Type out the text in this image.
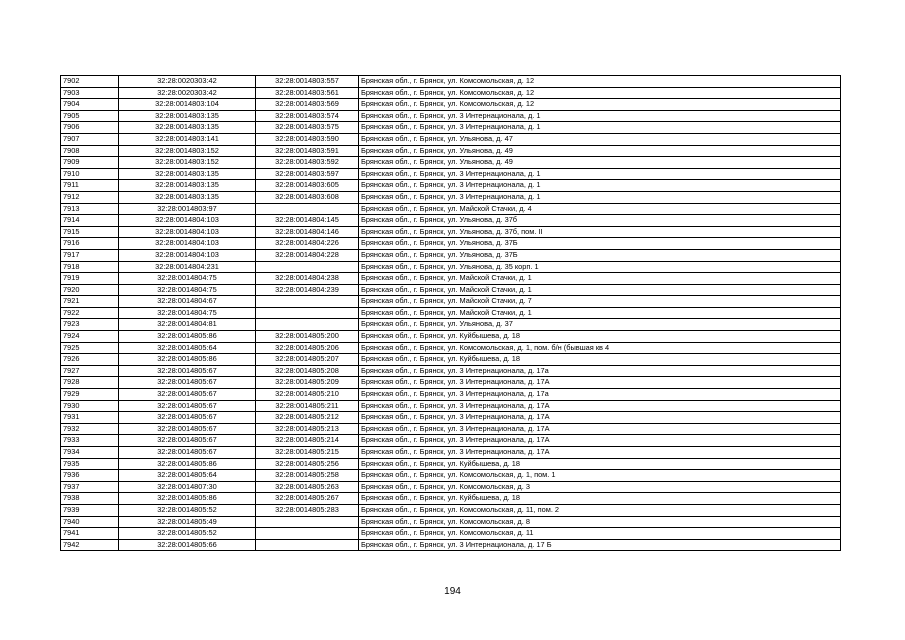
7902	32:28:0020303:42	32:28:0014803:557	Брянская обл., г. Брянск, ул. Комсомольская, д. 12
7903	32:28:0020303:42	32:28:0014803:561	Брянская обл., г. Брянск, ул. Комсомольская, д. 12
7904	32:28:0014803:104	32:28:0014803:569	Брянская обл., г. Брянск, ул. Комсомольская, д. 12
7905	32:28:0014803:135	32:28:0014803:574	Брянская обл., г. Брянск, ул. 3 Интернационала, д. 1
7906	32:28:0014803:135	32:28:0014803:575	Брянская обл., г. Брянск, ул. 3 Интернационала, д. 1
7907	32:28:0014803:141	32:28:0014803:590	Брянская обл., г. Брянск, ул. Ульянова, д. 47
7908	32:28:0014803:152	32:28:0014803:591	Брянская обл., г. Брянск, ул. Ульянова, д. 49
7909	32:28:0014803:152	32:28:0014803:592	Брянская обл., г. Брянск, ул. Ульянова, д. 49
7910	32:28:0014803:135	32:28:0014803:597	Брянская обл., г. Брянск, ул. 3 Интернационала, д. 1
7911	32:28:0014803:135	32:28:0014803:605	Брянская обл., г. Брянск, ул. 3 Интернационала, д. 1
7912	32:28:0014803:135	32:28:0014803:608	Брянская обл., г. Брянск, ул. 3 Интернационала, д. 1
7913	32:28:0014803:97		Брянская обл., г. Брянск, ул. Майской Стачки, д. 4
7914	32:28:0014804:103	32:28:0014804:145	Брянская обл., г. Брянск, ул. Ульянова, д. 37б
7915	32:28:0014804:103	32:28:0014804:146	Брянская обл., г. Брянск, ул. Ульянова, д. 37б, пом. II
7916	32:28:0014804:103	32:28:0014804:226	Брянская обл., г. Брянск, ул. Ульянова, д. 37Б
7917	32:28:0014804:103	32:28:0014804:228	Брянская обл., г. Брянск, ул. Ульянова, д. 37Б
7918	32:28:0014804:231		Брянская обл., г. Брянск, ул. Ульянова, д. 35 корп. 1
7919	32:28:0014804:75	32:28:0014804:238	Брянская обл., г. Брянск, ул. Майской Стачки, д. 1
7920	32:28:0014804:75	32:28:0014804:239	Брянская обл., г. Брянск, ул. Майской Стачки, д. 1
7921	32:28:0014804:67		Брянская обл., г. Брянск, ул. Майской Стачки, д. 7
7922	32:28:0014804:75		Брянская обл., г. Брянск, ул. Майской Стачки, д. 1
7923	32:28:0014804:81		Брянская обл., г. Брянск, ул. Ульянова, д. 37
7924	32:28:0014805:86	32:28:0014805:200	Брянская обл., г. Брянск, ул. Куйбышева, д. 18
7925	32:28:0014805:64	32:28:0014805:206	Брянская обл., г. Брянск, ул. Комсомольская, д. 1, пом. б/н (бывшая кв 4
7926	32:28:0014805:86	32:28:0014805:207	Брянская обл., г. Брянск, ул. Куйбышева, д. 18
7927	32:28:0014805:67	32:28:0014805:208	Брянская обл., г. Брянск, ул. 3 Интернационала, д. 17а
7928	32:28:0014805:67	32:28:0014805:209	Брянская обл., г. Брянск, ул. 3 Интернационала, д. 17А
7929	32:28:0014805:67	32:28:0014805:210	Брянская обл., г. Брянск, ул. 3 Интернационала, д. 17а
7930	32:28:0014805:67	32:28:0014805:211	Брянская обл., г. Брянск, ул. 3 Интернационала, д. 17А
7931	32:28:0014805:67	32:28:0014805:212	Брянская обл., г. Брянск, ул. 3 Интернационала, д. 17А
7932	32:28:0014805:67	32:28:0014805:213	Брянская обл., г. Брянск, ул. 3 Интернационала, д. 17А
7933	32:28:0014805:67	32:28:0014805:214	Брянская обл., г. Брянск, ул. 3 Интернационала, д. 17А
7934	32:28:0014805:67	32:28:0014805:215	Брянская обл., г. Брянск, ул. 3 Интернационала, д. 17А
7935	32:28:0014805:86	32:28:0014805:256	Брянская обл., г. Брянск, ул. Куйбышева, д. 18
7936	32:28:0014805:64	32:28:0014805:258	Брянская обл., г. Брянск, ул. Комсомольская, д. 1, пом. 1
7937	32:28:0014807:30	32:28:0014805:263	Брянская обл., г. Брянск, ул. Комсомольская, д. 3
7938	32:28:0014805:86	32:28:0014805:267	Брянская обл., г. Брянск, ул. Куйбышева, д. 18
7939	32:28:0014805:52	32:28:0014805:283	Брянская обл., г. Брянск, ул. Комсомольская, д. 11, пом. 2
7940	32:28:0014805:49		Брянская обл., г. Брянск, ул. Комсомольская, д. 8
7941	32:28:0014805:52		Брянская обл., г. Брянск, ул. Комсомольская, д. 11
7942	32:28:0014805:66		Брянская обл., г. Брянск, ул. 3 Интернационала, д. 17 Б
194
